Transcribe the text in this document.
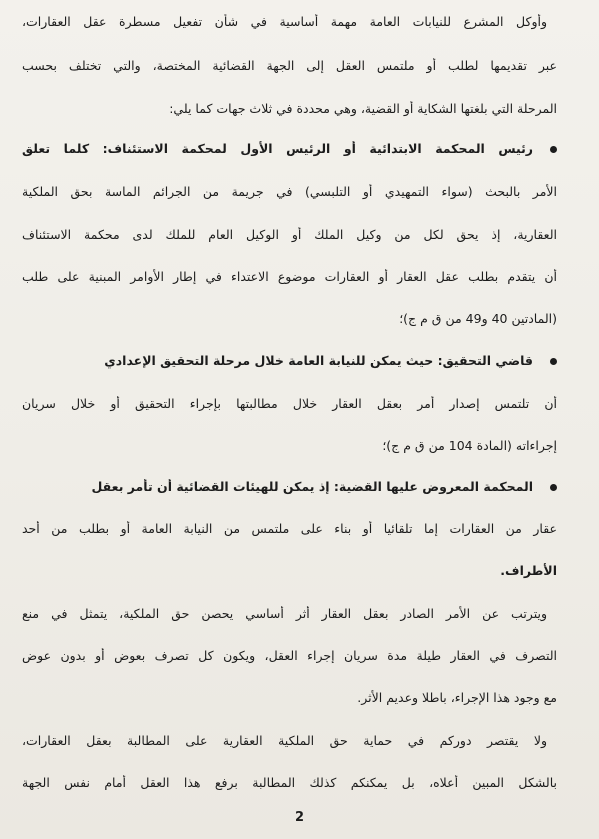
وأوكل المشرع للنيابات العامة مهمة أساسية في شأن تفعيل مسطرة عقل العقارات،
عبر تقديمها لطلب أو ملتمس العقل إلى الجهة القضائية المختصة، والتي تختلف بحسب
المرحلة التي بلغتها الشكاية أو القضية، وهي محددة في ثلاث جهات كما يلي:
رئيس المحكمة الابتدائية أو الرئيس الأول لمحكمة الاستئناف: كلما تعلق
الأمر بالبحث (سواء التمهيدي أو التلبسي) في جريمة من الجرائم الماسة بحق الملكية
العقارية، إذ يحق لكل من وكيل الملك أو الوكيل العام للملك لدى محكمة الاستئناف
أن يتقدم بطلب عقل العقار أو العقارات موضوع الاعتداء في إطار الأوامر المبنية على طلب
(المادتين 40 و49 من ق م ج)؛
قاضي التحقيق: حيث يمكن للنيابة العامة خلال مرحلة التحقيق الإعدادي
أن تلتمس إصدار أمر بعقل العقار خلال مطالبتها بإجراء التحقيق أو خلال سريان
إجراءاته (المادة 104 من ق م ج)؛
المحكمة المعروض عليها القضية: إذ يمكن للهيئات القضائية أن تأمر بعقل
عقار من العقارات إما تلقائيا أو بناء على ملتمس من النيابة العامة أو بطلب من أحد
الأطراف.
ويترتب عن الأمر الصادر بعقل العقار أثر أساسي يحصن حق الملكية، يتمثل في منع
التصرف في العقار طيلة مدة سريان إجراء العقل، ويكون كل تصرف بعوض أو بدون عوض
مع وجود هذا الإجراء، باطلا وعديم الأثر.
ولا يقتصر دوركم في حماية حق الملكية العقارية على المطالبة بعقل العقارات،
بالشكل المبين أعلاه، بل يمكنكم كذلك المطالبة برفع هذا العقل أمام نفس الجهة
2
